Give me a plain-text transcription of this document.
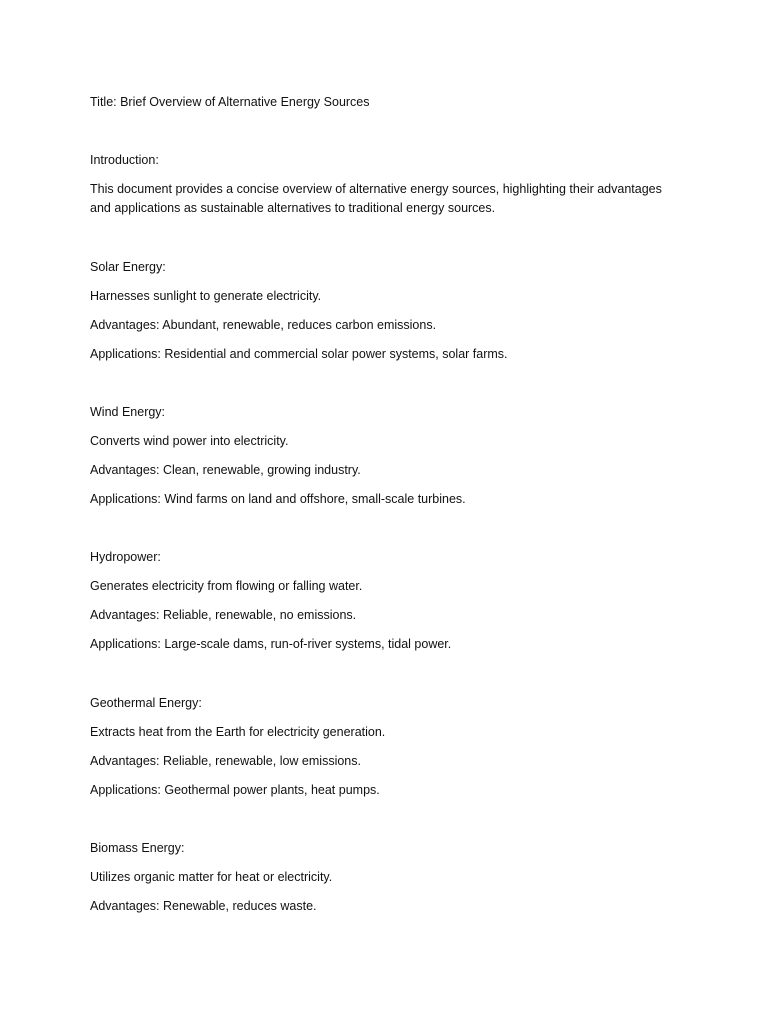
Title: Brief Overview of Alternative Energy Sources
Introduction:
This document provides a concise overview of alternative energy sources, highlighting their advantages
and applications as sustainable alternatives to traditional energy sources.
Solar Energy:
Harnesses sunlight to generate electricity.
Advantages: Abundant, renewable, reduces carbon emissions.
Applications: Residential and commercial solar power systems, solar farms.
Wind Energy:
Converts wind power into electricity.
Advantages: Clean, renewable, growing industry.
Applications: Wind farms on land and offshore, small-scale turbines.
Hydropower:
Generates electricity from flowing or falling water.
Advantages: Reliable, renewable, no emissions.
Applications: Large-scale dams, run-of-river systems, tidal power.
Geothermal Energy:
Extracts heat from the Earth for electricity generation.
Advantages: Reliable, renewable, low emissions.
Applications: Geothermal power plants, heat pumps.
Biomass Energy:
Utilizes organic matter for heat or electricity.
Advantages: Renewable, reduces waste.
